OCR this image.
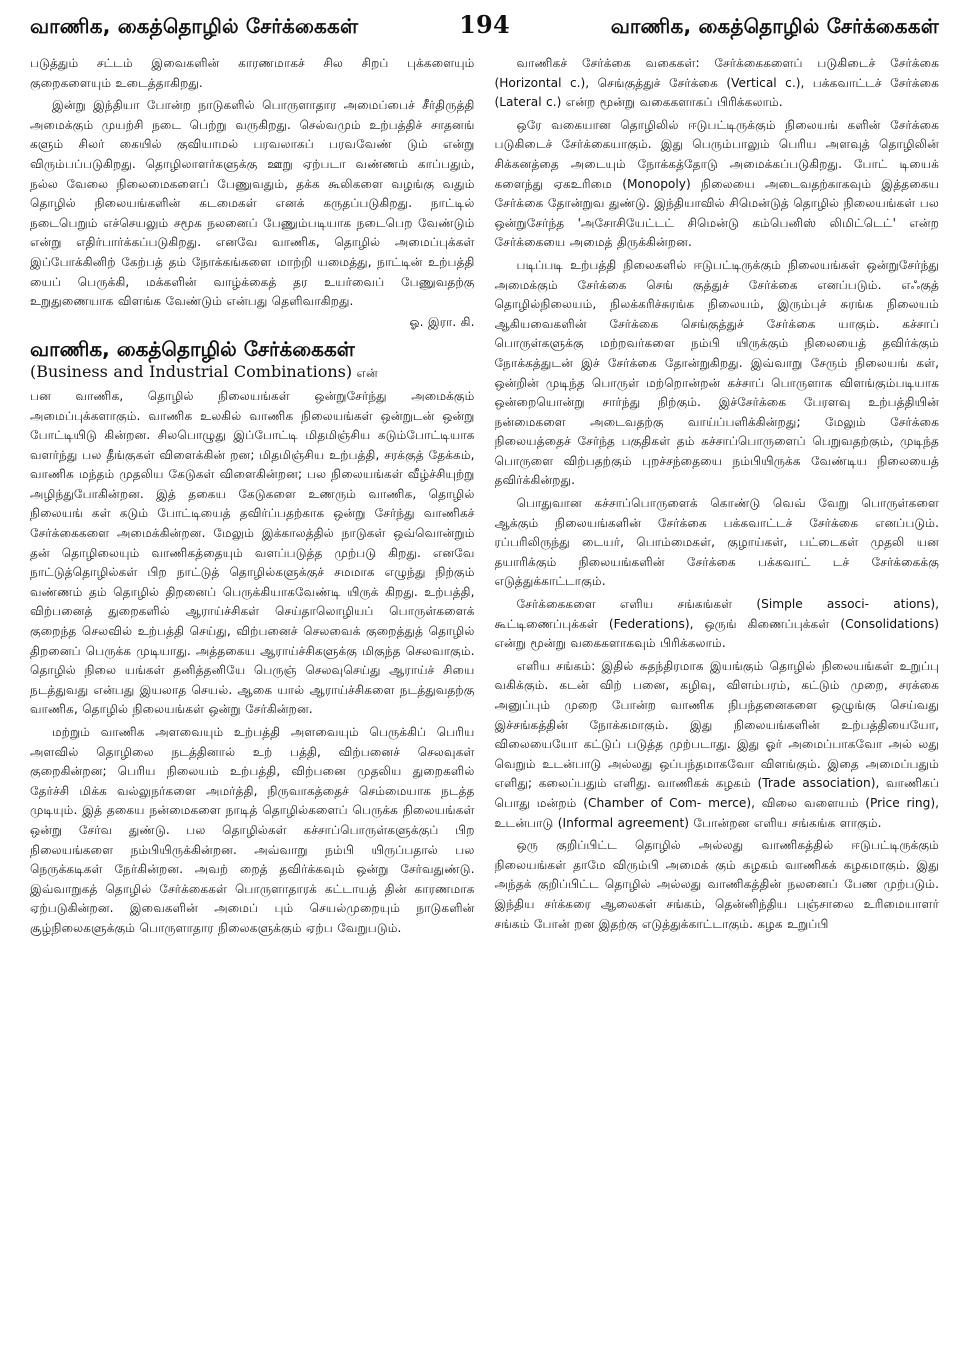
வாணிக, கைத்தொழில் சேர்க்கைகள்	194	வாணிக, கைத்தொழில் சேர்க்கைகள்

படுத்தும் சட்டம் இவைகளின் காரணமாகச் சில சிறப் புக்களையும் குறைகளையும் உடைத்தாகிறது.

இன்று இந்தியா போன்ற நாடுகளில் பொருளாதார அமைப்பைச் சீர்திருத்தி அமைக்கும் முயற்சி நடை பெற்று வருகிறது. செல்வமும் உற்பத்திச் சாதனங் களும் சிலர் கையில் குவியாமல் பரவலாகப் பரவவேண் டும் என்று விரும்பப்படுகிறது. தொழிலாளர்களுக்கு ஊறு ஏற்படா வண்ணம் காப்பதும், நல்ல வேலை நிலைமைகளைப் பேணுவதும், தக்க கூலிகளை வழங்கு வதும் தொழில் நிலையங்களின் கடமைகள் எனக் கருதப்படுகிறது. நாட்டில் நடைபெறும் எச்செயலும் சமூக நலனைப் பேணும்படியாக நடைபெற வேண்டும் என்று எதிர்பார்க்கப்படுகிறது. எனவே வாணிக, தொழில் அமைப்புக்கள் இப்போக்கினிற் கேற்பத் தம் நோக்கங்களை மாற்றி யமைத்து, நாட்டின் உற்பத்தி யைப் பெருக்கி, மக்களின் வாழ்க்கைத் தர உயர்வைப் பேணுவதற்கு உறுதுணையாக விளங்க வேண்டும் என்பது தெளிவாகிறது.

ஓ. இரா. கி.

வாணிக, கைத்தொழில் சேர்க்கைகள்

(Business and Industrial Combinations) என்

பன வாணிக, தொழில் நிலையங்கள் ஒன்றுசேர்ந்து அமைக்கும் அமைப்புக்களாகும். வாணிக உலகில் வாணிக நிலையங்கள் ஒன்றுடன் ஒன்று போட்டியிடு கின்றன. சிலபொழுது இப்போட்டி மிதமிஞ்சிய கடும்போட்டியாக வளர்ந்து பல தீங்குகள் விளைக்கின் றன; மிதமிஞ்சிய உற்பத்தி, சரக்குத் தேக்கம், வாணிக மந்தம் முதலிய கேடுகள் விளைகின்றன; பல நிலையங்கள் வீழ்ச்சியுற்று அழிந்துபோகின்றன. இத் தகைய கேடுகளை உணரும் வாணிக, தொழில் நிலையங் கள் கடும் போட்டியைத் தவிர்ப்பதற்காக ஒன்று சேர்ந்து வாணிகச் சேர்க்கைகளை அமைக்கின்றன. மேலும் இக்காலத்தில் நாடுகள் ஒவ்வொன்றும் தன் தொழிலையும் வாணிகத்தையும் வளப்படுத்த முற்படு கிறது. எனவே நாட்டுத்தொழில்கள் பிற நாட்டுத் தொழில்களுக்குச் சமமாக எழுந்து நிற்கும் வண்ணம் தம் தொழில் திறனைப் பெருக்கியாகவேண்டி யிருக் கிறது. உற்பத்தி, விற்பனைத் துறைகளில் ஆராய்ச்சிகள் செய்தாலொழியப் பொருள்களைக் குறைந்த செலவில் உற்பத்தி செய்து, விற்பனைச் செலவைக் குறைத்துத் தொழில் திறனைப் பெருக்க முடியாது. அத்தகைய ஆராய்ச்சிகளுக்கு மிகுந்த செலவாகும். தொழில் நிலை யங்கள் தனித்தனியே பெருஞ் செலவுசெய்து ஆராய்ச் சியை நடத்துவது என்பது இயலாத செயல். ஆகை யால் ஆராய்ச்சிகளை நடத்துவதற்கு வாணிக, தொழில் நிலையங்கள் ஒன்று சேர்கின்றன.

மற்றும் வாணிக அளவையும் உற்பத்தி அளவையும் பெருக்கிப் பெரிய அளவில் தொழிலை நடத்தினால் உற் பத்தி, விற்பனைச் செலவுகள் குறைகின்றன; பெரிய நிலையம் உற்பத்தி, விற்பனை முதலிய துறைகளில் தேர்ச்சி மிக்க வல்லுநர்களை அமர்த்தி, நிருவாகத்தைச் செம்மையாக நடத்த முடியும். இத் தகைய நன்மைகளை நாடித் தொழில்களைப் பெருக்க நிலையங்கள் ஒன்று சேர்வ துண்டு. பல தொழில்கள் கச்சாப்பொருள்களுக்குப் பிற நிலையங்களை நம்பியிருக்கின்றன. அவ்வாறு நம்பி யிருப்பதால் பல நெருக்கடிகள் நேர்கின்றன. அவற் றைத் தவிர்க்கவும் ஒன்று சேர்வதுண்டு. இவ்வாறுகத் தொழில் சேர்க்கைகள் பொருளாதாரக் கட்டாயத் தின் காரணமாக ஏற்படுகின்றன. இவைகளின் அமைப் பும் செயல்முறையும் நாடுகளின் சூழ்நிலைகளுக்கும் பொருளாதார நிலைகளுக்கும் ஏற்ப வேறுபடும்.

வாணிகச் சேர்க்கை வகைகள்: சேர்க்கைகளைப் படுகிடைச் சேர்க்கை (Horizontal c.), செங்குத்துச் சேர்க்கை (Vertical c.), பக்கவாட்டச் சேர்க்கை (Lateral c.) என்ற மூன்று வகைகளாகப் பிரிக்கலாம்.

ஒரே வகையான தொழிலில் ஈடுபட்டிருக்கும் நிலையங் களின் சேர்க்கை படுகிடைச் சேர்க்கையாகும். இது பெரும்பாலும் பெரிய அளவுத் தொழிலின் சிக்கனத்தை அடையும் நோக்கத்தோடு அமைக்கப்படுகிறது. போட் டியைக் களைந்து ஏகஉரிமை (Monopoly) நிலையை அடைவதற்காகவும் இத்தகைய சேர்க்கை தோன்றுவ துண்டு. இந்தியாவில் சிமென்டுத் தொழில் நிலையங்கள் பல ஒன்றுசேர்ந்த 'அசோசியேட்டட் சிமென்டு கம்பெனிஸ் லிமிட்டெட்' என்ற சேர்க்கையை அமைத் திருக்கின்றன.

படிப்படி உற்பத்தி நிலைகளில் ஈடுபட்டிருக்கும் நிலையங்கள் ஒன்றுசேர்ந்து அமைக்கும் சேர்க்கை செங் குத்துச் சேர்க்கை எனப்படும். எஃகுத் தொழில்நிலையம், நிலக்கரிச்சுரங்க நிலையம், இரும்புச் சுரங்க நிலையம் ஆகியவைகளின் சேர்க்கை செங்குத்துச் சேர்க்கை யாகும். கச்சாப் பொருள்களுக்கு மற்றவர்களை நம்பி யிருக்கும் நிலையைத் தவிர்க்கும் நோக்கத்துடன் இச் சேர்க்கை தோன்றுகிறது. இவ்வாறு சேரும் நிலையங் கள், ஒன்றின் முடிந்த பொருள் மற்றொன்றன் கச்சாப் பொருளாக விளங்கும்படியாக ஒன்றையொன்று சார்ந்து நிற்கும். இச்சேர்க்கை பேரளவு உற்பத்தியின் நன்மைகளை அடைவதற்கு வாய்ப்பளிக்கின்றது; மேலும் சேர்க்கை நிலையத்தைச் சேர்ந்த பகுதிகள் தம் கச்சாப்பொருளைப் பெறுவதற்கும், முடிந்த பொருளை விற்பதற்கும் புறச்சந்தையை நம்பியிருக்க வேண்டிய நிலையைத் தவிர்க்கின்றது.

பொதுவான கச்சாப்பொருளைக் கொண்டு வெவ் வேறு பொருள்களை ஆக்கும் நிலையங்களின் சேர்க்கை பக்கவாட்டச் சேர்க்கை எனப்படும். ரப்பரிலிருந்து டையர், பொம்மைகள், குழாய்கள், பட்டைகள் முதலி யன தயாரிக்கும் நிலையங்களின் சேர்க்கை பக்கவாட் டச் சேர்க்கைக்கு எடுத்துக்காட்டாகும்.

சேர்க்கைகளை எளிய சங்கங்கள் (Simple associ- ations), கூட்டிணைப்புக்கள் (Federations), ஒருங் கிணைப்புக்கள் (Consolidations) என்று மூன்று வகைகளாகவும் பிரிக்கலாம்.

எளிய சங்கம்: இதில் சுதந்திரமாக இயங்கும் தொழில் நிலையங்கள் உறுப்பு வகிக்கும். கடன் விற் பனை, கழிவு, விளம்பரம், கட்டும் முறை, சரக்கை அனுப்பும் முறை போன்ற வாணிக நிபந்தனைகளை ஒழுங்கு செய்வது இச்சங்கத்தின் நோக்கமாகும். இது நிலையங்களின் உற்பத்தியையோ, விலையையோ கட்டுப் படுத்த முற்படாது. இது ஓர் அமைப்பாகவோ அல் லது வெறும் உடன்பாடு அல்லது ஒப்பந்தமாகவோ விளங்கும். இதை அமைப்பதும் எளிது; கலைப்பதும் எளிது. வாணிகக் கழகம் (Trade association), வாணிகப் பொது மன்றம் (Chamber of Com- merce), விலை வளையம் (Price ring), உடன்பாடு (Informal agreement) போன்றன எளிய சங்கங்க ளாகும்.

ஒரு குறிப்பிட்ட தொழில் அல்லது வாணிகத்தில் ஈடுபட்டிருக்கும் நிலையங்கள் தாமே விரும்பி அமைக் கும் கழகம் வாணிகக் கழகமாகும். இது அந்தக் குறிப்பிட்ட தொழில் அல்லது வாணிகத்தின் நலனைப் பேண முற்படும். இந்திய சர்க்கரை ஆலைகள் சங்கம், தென்னிந்திய பஞ்சாலை உரிமையாளர் சங்கம் போன் றன இதற்கு எடுத்துக்காட்டாகும். கழக உறுப்பி
